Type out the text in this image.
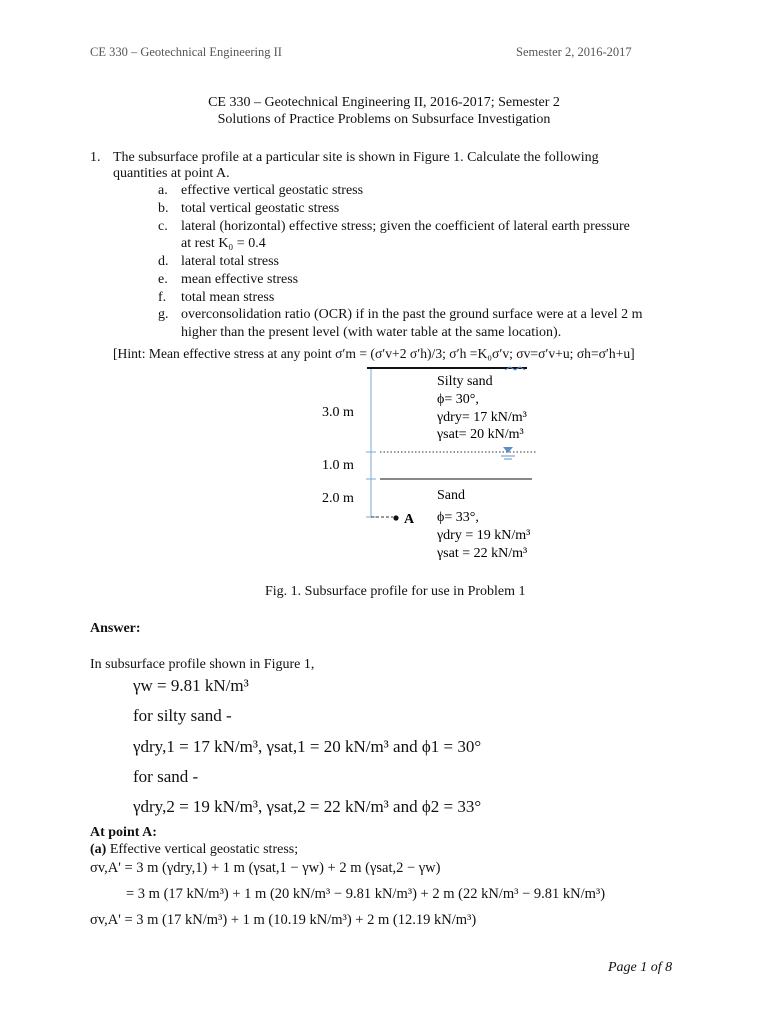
CE 330 – Geotechnical Engineering II	Semester 2, 2016-2017
CE 330 – Geotechnical Engineering II, 2016-2017; Semester 2
Solutions of Practice Problems on Subsurface Investigation
1. The subsurface profile at a particular site is shown in Figure 1. Calculate the following
quantities at point A.
a. effective vertical geostatic stress
b. total vertical geostatic stress
c. lateral (horizontal) effective stress; given the coefficient of lateral earth pressure
at rest K₀ = 0.4
d. lateral total stress
e. mean effective stress
f. total mean stress
g. overconsolidation ratio (OCR) if in the past the ground surface were at a level 2 m
higher than the present level (with water table at the same location).
[Hint: Mean effective stress at any point σ′m = (σ′v+2 σ′h)/3; σ′h =K₀σ′v; σv=σ′v+u; σh=σ′h+u]
3.0 m
1.0 m
2.0 m
A
Silty sand
ϕ= 30°,
γdry= 17 kN/m³
γsat= 20 kN/m³
Sand
ϕ= 33°,
γdry = 19 kN/m³
γsat = 22 kN/m³
Fig. 1. Subsurface profile for use in Problem 1
Answer:
In subsurface profile shown in Figure 1,
γw = 9.81 kN/m³
for silty sand -
γdry,1 = 17 kN/m³, γsat,1 = 20 kN/m³ and ϕ1 = 30°
for sand -
γdry,2 = 19 kN/m³, γsat,2 = 22 kN/m³ and ϕ2 = 33°
At point A:
(a) Effective vertical geostatic stress;
σv,A' = 3 m (γdry,1) + 1 m (γsat,1 − γw) + 2 m (γsat,2 − γw)
= 3 m (17 kN/m³) + 1 m (20 kN/m³ − 9.81 kN/m³) + 2 m (22 kN/m³ − 9.81 kN/m³)
σv,A' = 3 m (17 kN/m³) + 1 m (10.19 kN/m³) + 2 m (12.19 kN/m³)
Page 1 of 8
